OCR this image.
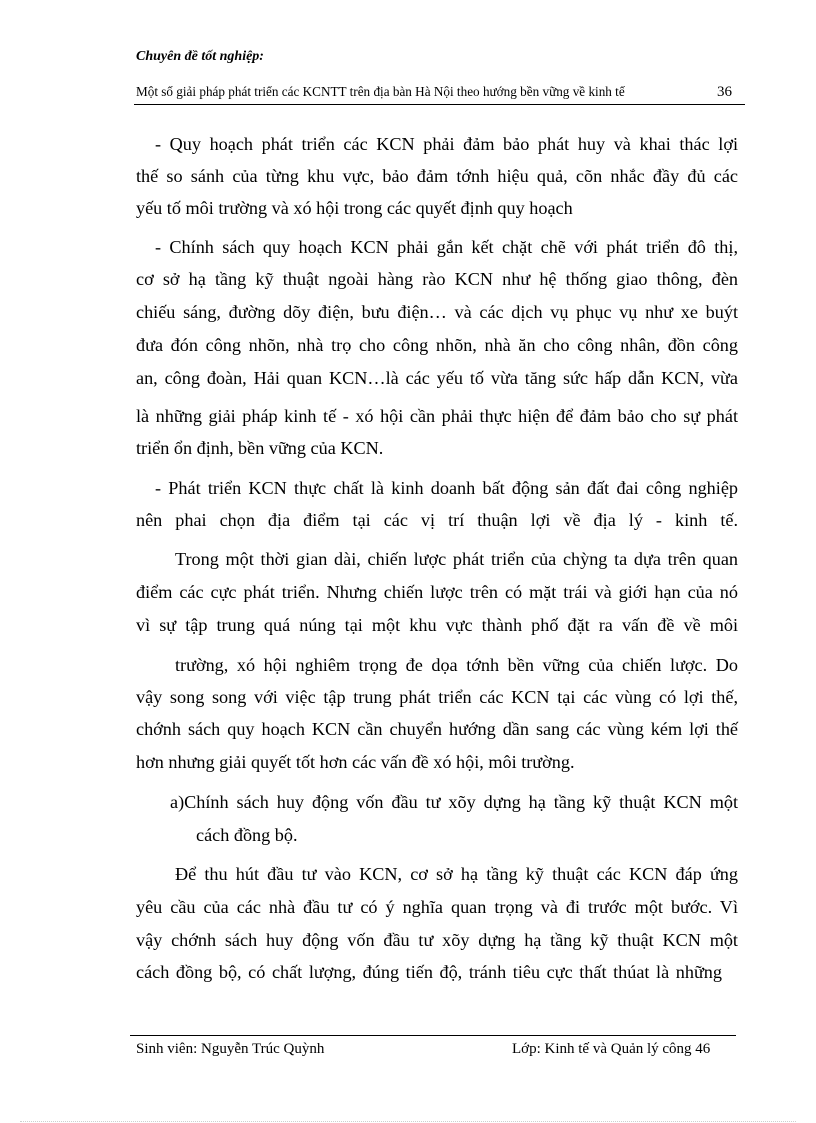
Chuyên đề tốt nghiệp:
Một số giải pháp phát triển các KCNTT trên địa bàn Hà Nội theo hướng bền vững về kinh tế	36
- Quy hoạch phát triển các KCN phải đảm bảo phát huy và khai thác lợi
thế so sánh của từng khu vực, bảo đảm tớnh hiệu quả, cõn nhắc đầy đủ các
yếu tố môi trường và xó hội trong các quyết định quy hoạch
- Chính sách quy hoạch KCN phải gắn kết chặt chẽ với phát triển đô thị,
cơ sở hạ tầng kỹ thuật ngoài hàng rào KCN như hệ thống giao thông, đèn
chiếu sáng, đường dõy điện, bưu điện… và các dịch vụ phục vụ như xe buýt
đưa đón công nhõn, nhà trọ cho công nhõn, nhà ăn cho công nhân, đồn công
an, công đoàn, Hải quan KCN…là các yếu tố vừa tăng sức hấp dẫn KCN, vừa
là những giải pháp kinh tế - xó hội cần phải thực hiện để đảm bảo cho sự phát
triển ổn định, bền vững của KCN.
- Phát triển KCN thực chất là kinh doanh bất động sản đất đai công nghiệp
nên phai chọn địa điểm tại các vị trí thuận lợi về địa lý - kinh tế.
Trong một thời gian dài, chiến lược phát triển của chỳng ta dựa trên quan
điểm các cực phát triển. Nhưng chiến lược trên có mặt trái và giới hạn của nó
vì sự tập trung quá núng tại một khu vực thành phố đặt ra vấn đề về môi
trường, xó hội nghiêm trọng đe dọa tớnh bền vững của chiến lược. Do
vậy song song với việc tập trung phát triển các KCN tại các vùng có lợi thế,
chớnh sách quy hoạch KCN cần chuyển hướng dần sang các vùng kém lợi thế
hơn nhưng giải quyết tốt hơn các vấn đề xó hội, môi trường.
a)Chính sách huy động vốn đầu tư xõy dựng hạ tầng kỹ thuật KCN một
cách đồng bộ.
Để thu hút đầu tư vào KCN, cơ sở hạ tầng kỹ thuật các KCN đáp ứng
yêu cầu của các nhà đầu tư có ý nghĩa quan trọng và đi trước một bước. Vì
vậy chớnh sách huy động vốn đầu tư xõy dựng hạ tầng kỹ thuật KCN một
cách đồng bộ, có chất lượng, đúng tiến độ, tránh tiêu cực thất thúat là những
Sinh viên: Nguyễn Trúc Quỳnh	Lớp: Kinh tế và Quản lý công 46
